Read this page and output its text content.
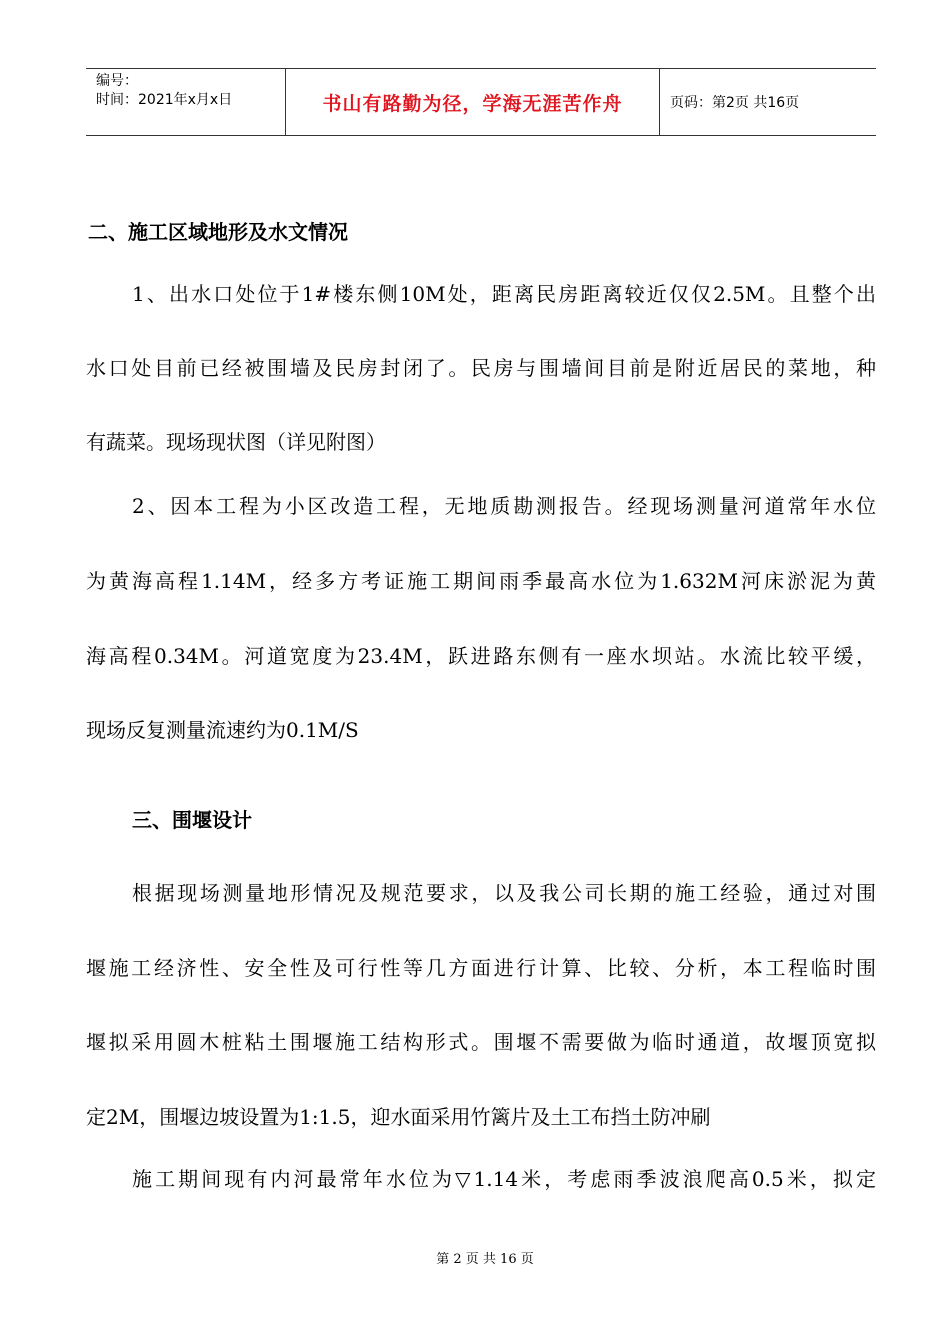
编号：
时间：2021年x月x日	书山有路勤为径，学海无涯苦作舟	页码：第2页 共16页
二、施工区域地形及水文情况
1、出水口处位于1#楼东侧10M处，距离民房距离较近仅仅2.5M。且整个出
水口处目前已经被围墙及民房封闭了。民房与围墙间目前是附近居民的菜地，种
有蔬菜。现场现状图（详见附图）
2、因本工程为小区改造工程，无地质勘测报告。经现场测量河道常年水位
为黄海高程1.14M，经多方考证施工期间雨季最高水位为1.632M河床淤泥为黄
海高程0.34M。河道宽度为23.4M，跃进路东侧有一座水坝站。水流比较平缓，
现场反复测量流速约为0.1M/S
三、围堰设计
根据现场测量地形情况及规范要求，以及我公司长期的施工经验，通过对围
堰施工经济性、安全性及可行性等几方面进行计算、比较、分析，本工程临时围
堰拟采用圆木桩粘土围堰施工结构形式。围堰不需要做为临时通道，故堰顶宽拟
定2M，围堰边坡设置为1:1.5，迎水面采用竹篱片及土工布挡土防冲刷
施工期间现有内河最常年水位为▽1.14米，考虑雨季波浪爬高0.5米，拟定
第 2 页 共 16 页
